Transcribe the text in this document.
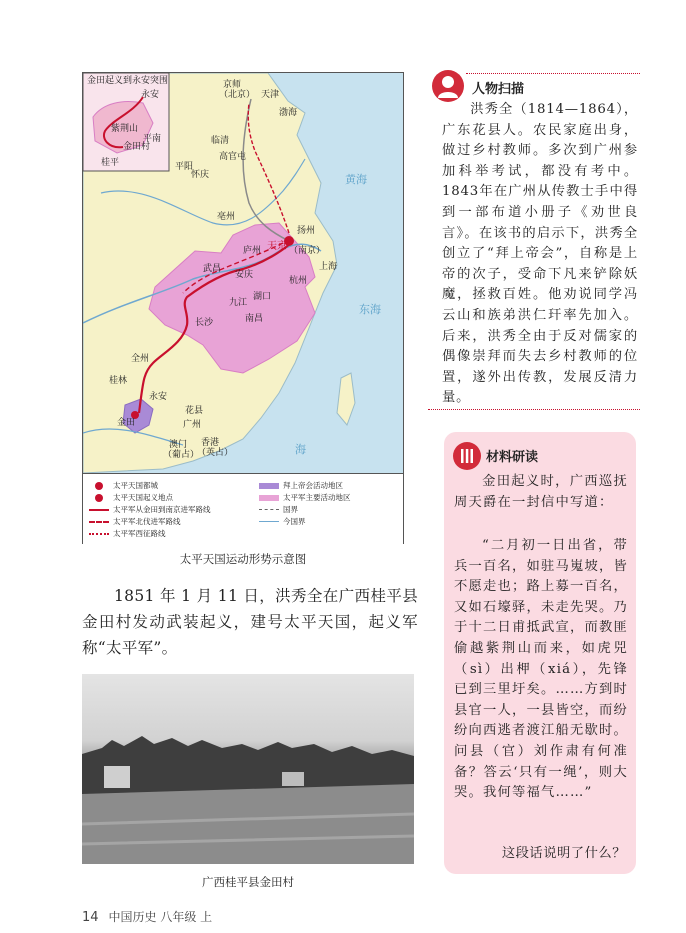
金田起义到永安突围
永安
紫荆山
金田村
桂平
平南
京师
（北京） 天津
渤海
临清
高官屯
平阳
怀庆
亳州
扬州
天京 （南京）
庐州
上海
武昌
安庆
杭州
九江
湖口
南昌
长沙
全州
桂林
永安
金田
花县
广州
澳门
（葡占）
香港
（英占）
黄海
东海
海
太平天国都城
太平天国起义地点
太平军从金田到南京进军路线
太平军北伐进军路线
太平军西征路线
拜上帝会活动地区
太平军主要活动地区
国界
今国界
太平天国运动形势示意图

1851 年 1 月 11 日，洪秀全在广西桂平县金田村发动武装起义，建号太平天国，起义军称“太平军”。

广西桂平县金田村
14 中国历史 八年级 上
人物扫描

洪秀全（1814—1864），广东花县人。农民家庭出身，做过乡村教师。多次到广州参加科举考试，都没有考中。1843年在广州从传教士手中得到一部布道小册子《劝世良言》。在该书的启示下，洪秀全创立了“拜上帝会”，自称是上帝的次子，受命下凡来铲除妖魔，拯救百姓。他劝说同学冯云山和族弟洪仁玕率先加入。后来，洪秀全由于反对儒家的偶像崇拜而失去乡村教师的位置，遂外出传教，发展反清力量。

材料研读

金田起义时，广西巡抚周天爵在一封信中写道：

“二月初一日出省，带兵一百名，如驻马嵬坡，皆不愿走也；路上募一百名，又如石壕驿，未走先哭。乃于十二日甫抵武宣，而教匪偷越紫荆山而来，如虎兕（sì）出柙（xiá），先锋已到三里圩矣。……方到时县官一人，一县皆空，而纷纷向西逃者渡江船无歇时。问县（官）刘作肃有何准备？答云‘只有一绳’，则大哭。我何等福气……”

这段话说明了什么？
